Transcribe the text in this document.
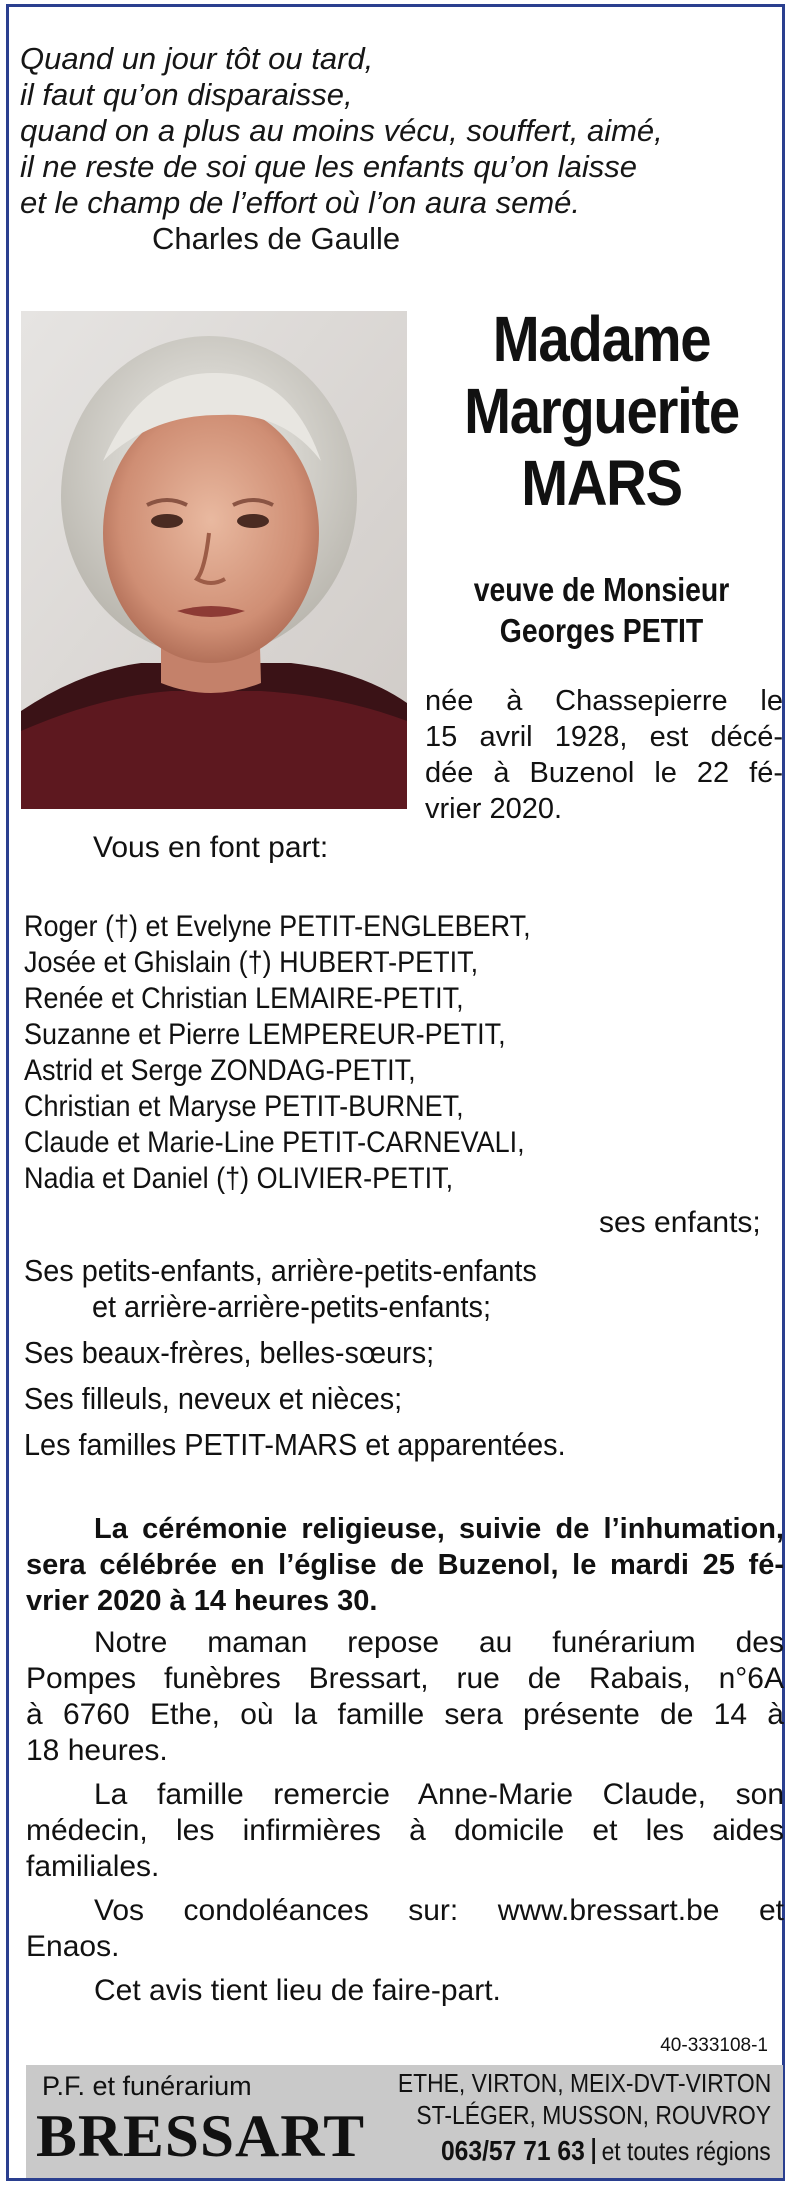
Quand un jour tôt ou tard,
il faut qu’on disparaisse,
quand on a plus au moins vécu, souffert, aimé,
il ne reste de soi que les enfants qu’on laisse
et le champ de l’effort où l’on aura semé.
Charles de Gaulle
Madame
Marguerite
MARS
veuve de Monsieur
Georges PETIT
née à Chassepierre le
15 avril 1928, est décé-
dée à Buzenol le 22 fé-
vrier 2020.
Vous en font part:
Roger (†) et Evelyne PETIT-ENGLEBERT,
Josée et Ghislain (†) HUBERT-PETIT,
Renée et Christian LEMAIRE-PETIT,
Suzanne et Pierre LEMPEREUR-PETIT,
Astrid et Serge ZONDAG-PETIT,
Christian et Maryse PETIT-BURNET,
Claude et Marie-Line PETIT-CARNEVALI,
Nadia et Daniel (†) OLIVIER-PETIT,
ses enfants;
Ses petits-enfants, arrière-petits-enfants
et arrière-arrière-petits-enfants;
Ses beaux-frères, belles-sœurs;
Ses filleuls, neveux et nièces;
Les familles PETIT-MARS et apparentées.
La cérémonie religieuse, suivie de l’inhumation,
sera célébrée en l’église de Buzenol, le mardi 25 fé-
vrier 2020 à 14 heures 30.
Notre maman repose au funérarium des
Pompes funèbres Bressart, rue de Rabais, n°6A
à 6760 Ethe, où la famille sera présente de 14 à
18 heures.
La famille remercie Anne-Marie Claude, son
médecin, les infirmières à domicile et les aides
familiales.
Vos condoléances sur: www.bressart.be et
Enaos.
Cet avis tient lieu de faire-part.
40-333108-1
P.F. et funérarium
BRESSART
ETHE, VIRTON, MEIX-DVT-VIRTON
ST-LÉGER, MUSSON, ROUVROY
063/57 71 63 et toutes régions
